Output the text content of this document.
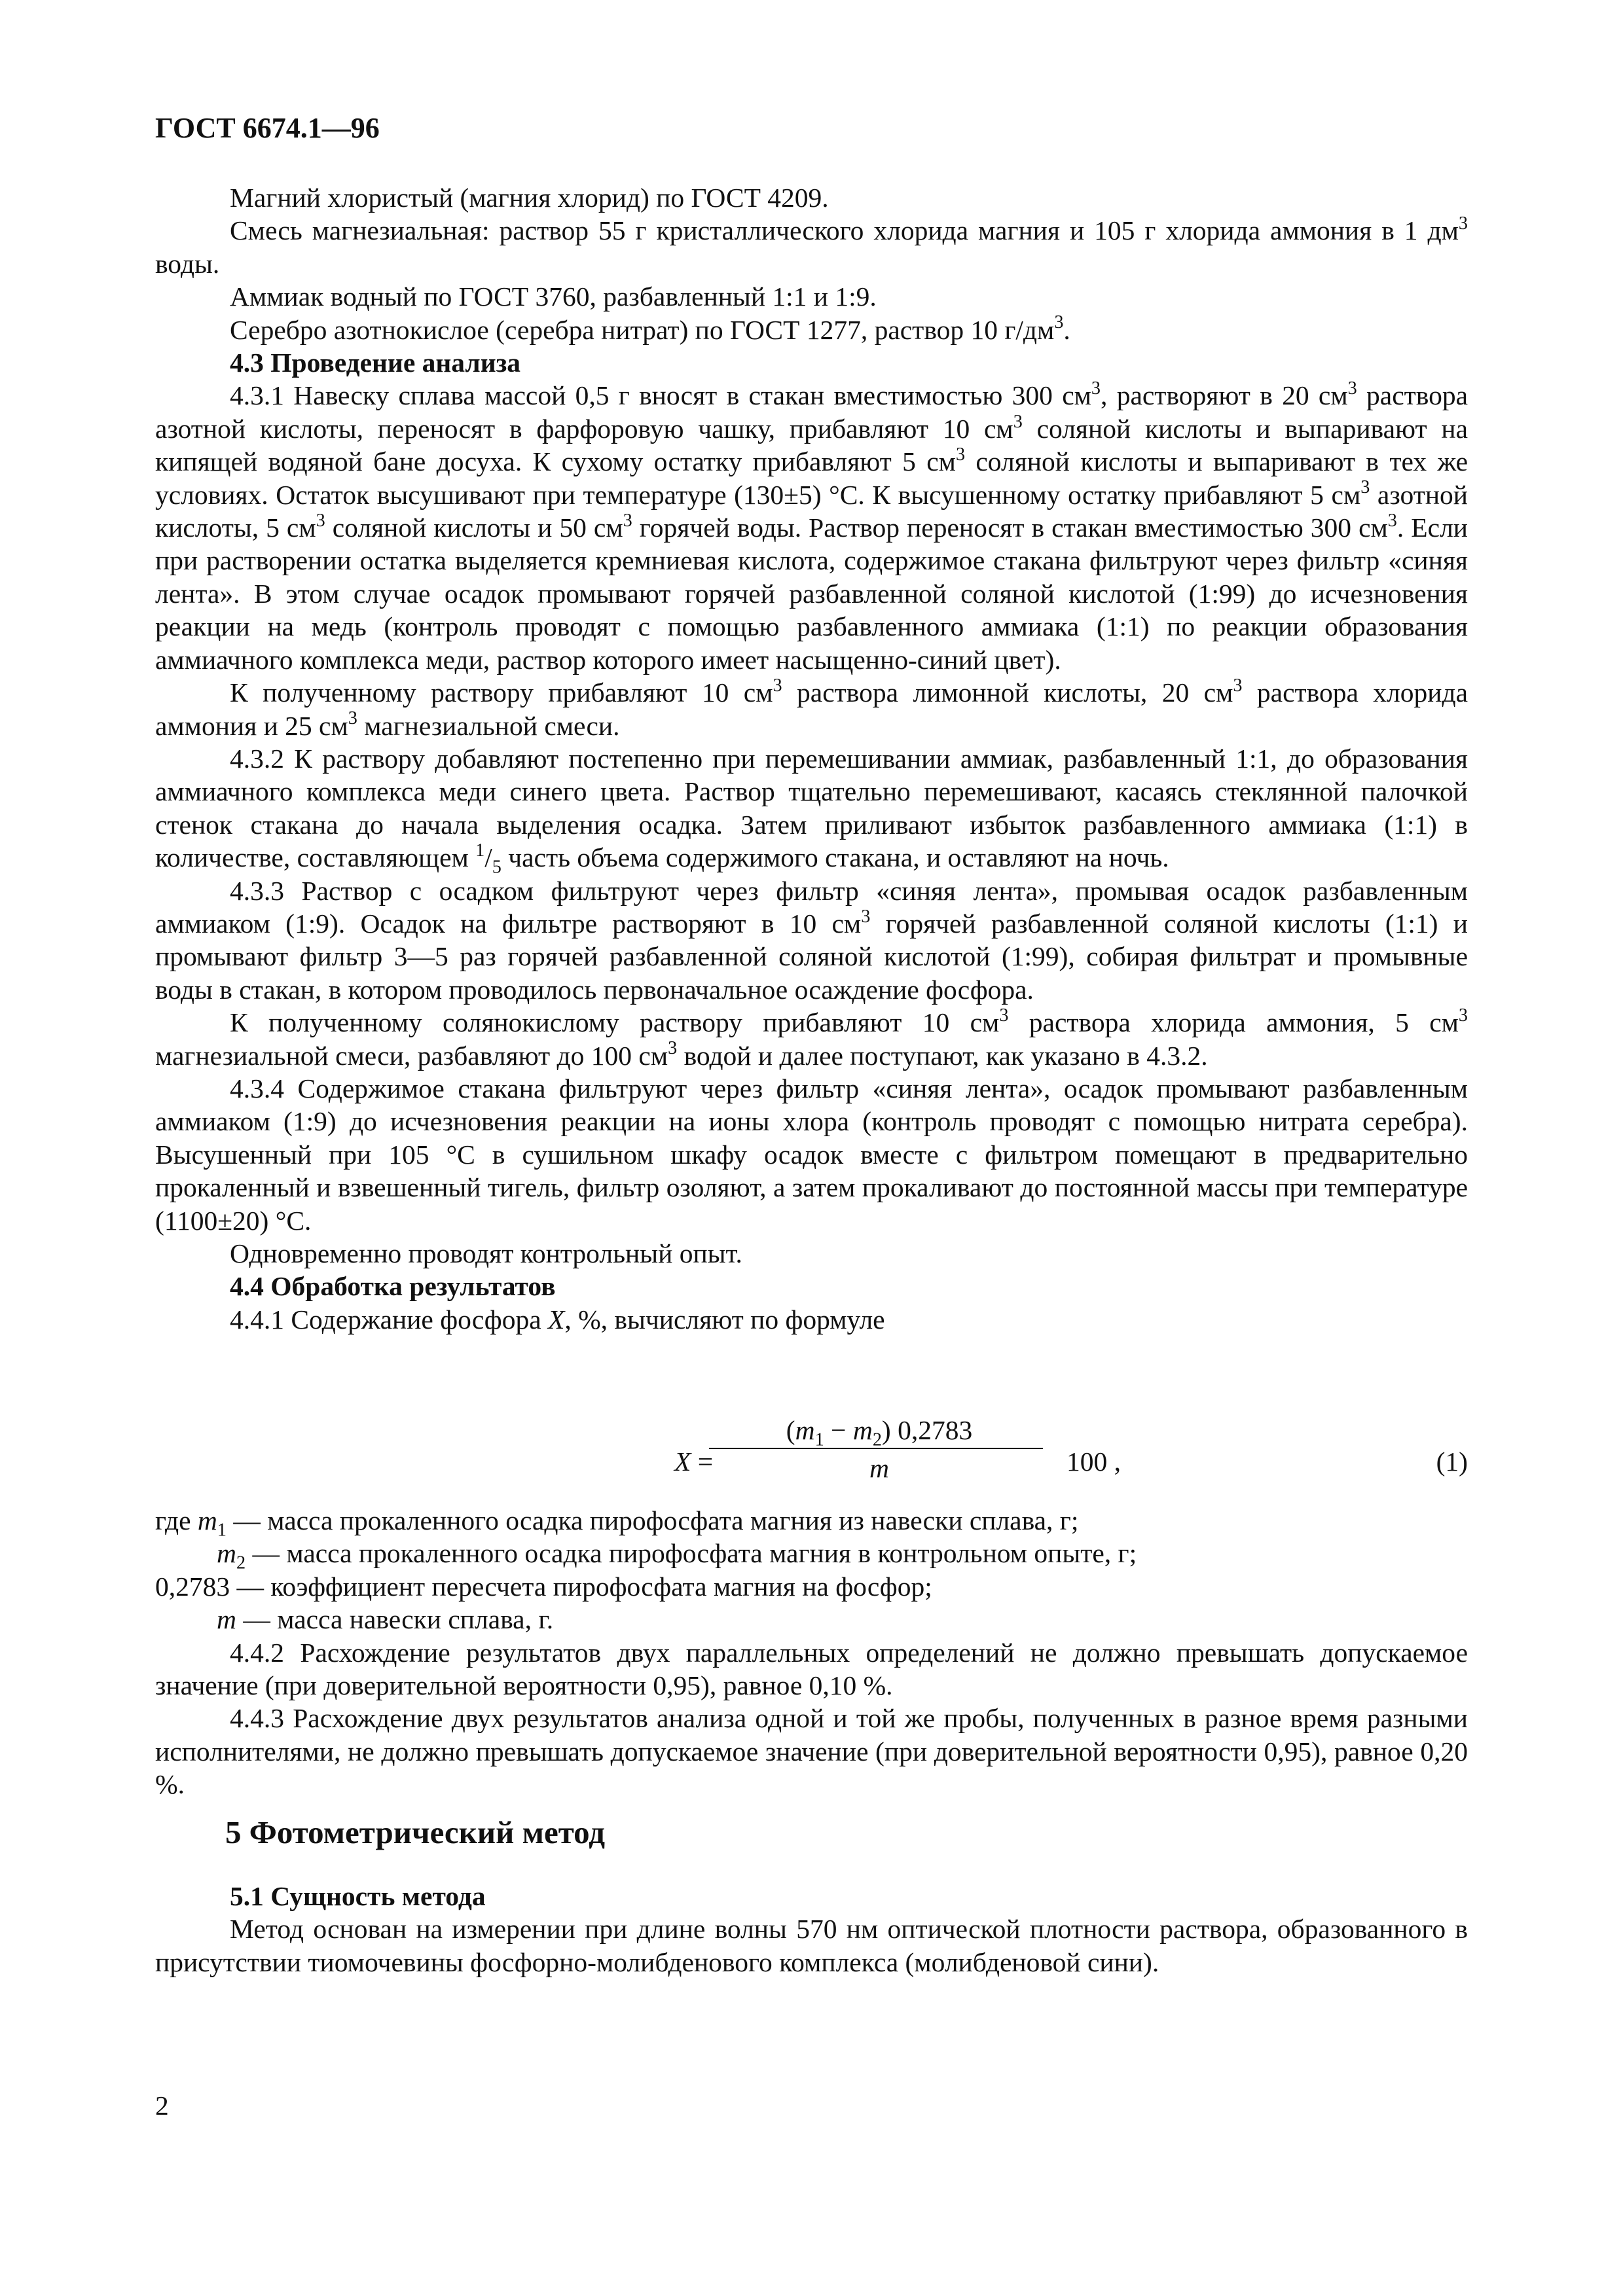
ГОСТ 6674.1—96

Магний хлористый (магния хлорид) по ГОСТ 4209.

Смесь магнезиальная: раствор 55 г кристаллического хлорида магния и 105 г хлорида аммония в 1 $дм^3$ воды.

Аммиак водный по ГОСТ 3760, разбавленный 1:1 и 1:9.

Серебро азотнокислое (серебра нитрат) по ГОСТ 1277, раствор 10 $г/дм^3$.

4.3 Проведение анализа

4.3.1 Навеску сплава массой 0,5 г вносят в стакан вместимостью 300 $см^3$, растворяют в 20 $см^3$ раствора азотной кислоты, переносят в фарфоровую чашку, прибавляют 10 $см^3$ соляной кислоты и выпаривают на кипящей водяной бане досуха. К сухому остатку прибавляют 5 $см^3$ соляной кислоты и выпаривают в тех же условиях. Остаток высушивают при температуре (130±5) °С. К высушенному остатку прибавляют 5 $см^3$ азотной кислоты, 5 $см^3$ соляной кислоты и 50 $см^3$ горячей воды. Раствор переносят в стакан вместимостью 300 $см^3$. Если при растворении остатка выделяется кремниевая кислота, содержимое стакана фильтруют через фильтр «синяя лента». В этом случае осадок промывают горячей разбавленной соляной кислотой (1:99) до исчезновения реакции на медь (контроль проводят с помощью разбавленного аммиака (1:1) по реакции образования аммиачного комплекса меди, раствор которого имеет насыщенно-синий цвет).

К полученному раствору прибавляют 10 $см^3$ раствора лимонной кислоты, 20 $см^3$ раствора хлорида аммония и 25 $см^3$ магнезиальной смеси.

4.3.2 К раствору добавляют постепенно при перемешивании аммиак, разбавленный 1:1, до образования аммиачного комплекса меди синего цвета. Раствор тщательно перемешивают, касаясь стеклянной палочкой стенок стакана до начала выделения осадка. Затем приливают избыток разбавленного аммиака (1:1) в количестве, составляющем $^1/_5$ часть объема содержимого стакана, и оставляют на ночь.

4.3.3 Раствор с осадком фильтруют через фильтр «синяя лента», промывая осадок разбавленным аммиаком (1:9). Осадок на фильтре растворяют в 10 $см^3$ горячей разбавленной соляной кислоты (1:1) и промывают фильтр 3—5 раз горячей разбавленной соляной кислотой (1:99), собирая фильтрат и промывные воды в стакан, в котором проводилось первоначальное осаждение фосфора.

К полученному солянокислому раствору прибавляют 10 $см^3$ раствора хлорида аммония, 5 $см^3$ магнезиальной смеси, разбавляют до 100 $см^3$ водой и далее поступают, как указано в 4.3.2.

4.3.4 Содержимое стакана фильтруют через фильтр «синяя лента», осадок промывают разбавленным аммиаком (1:9) до исчезновения реакции на ионы хлора (контроль проводят с помощью нитрата серебра). Высушенный при 105 °С в сушильном шкафу осадок вместе с фильтром помещают в предварительно прокаленный и взвешенный тигель, фильтр озоляют, а затем прокаливают до постоянной массы при температуре (1100±20) °С.

Одновременно проводят контрольный опыт.

4.4 Обработка результатов

4.4.1 Содержание фосфора X, %, вычисляют по формуле

X =
$(m_1 - m_2)$ 0,2783
m	100 ,	(1)

где $m_1$ — масса прокаленного осадка пирофосфата магния из навески сплава, г;

$m_2$ — масса прокаленного осадка пирофосфата магния в контрольном опыте, г;

0,2783 — коэффициент пересчета пирофосфата магния на фосфор;

m — масса навески сплава, г.

4.4.2 Расхождение результатов двух параллельных определений не должно превышать допускаемое значение (при доверительной вероятности 0,95), равное 0,10 %.

4.4.3 Расхождение двух результатов анализа одной и той же пробы, полученных в разное время разными исполнителями, не должно превышать допускаемое значение (при доверительной вероятности 0,95), равное 0,20 %.

5 Фотометрический метод

5.1 Сущность метода

Метод основан на измерении при длине волны 570 нм оптической плотности раствора, образованного в присутствии тиомочевины фосфорно-молибденового комплекса (молибденовой сини).

2
